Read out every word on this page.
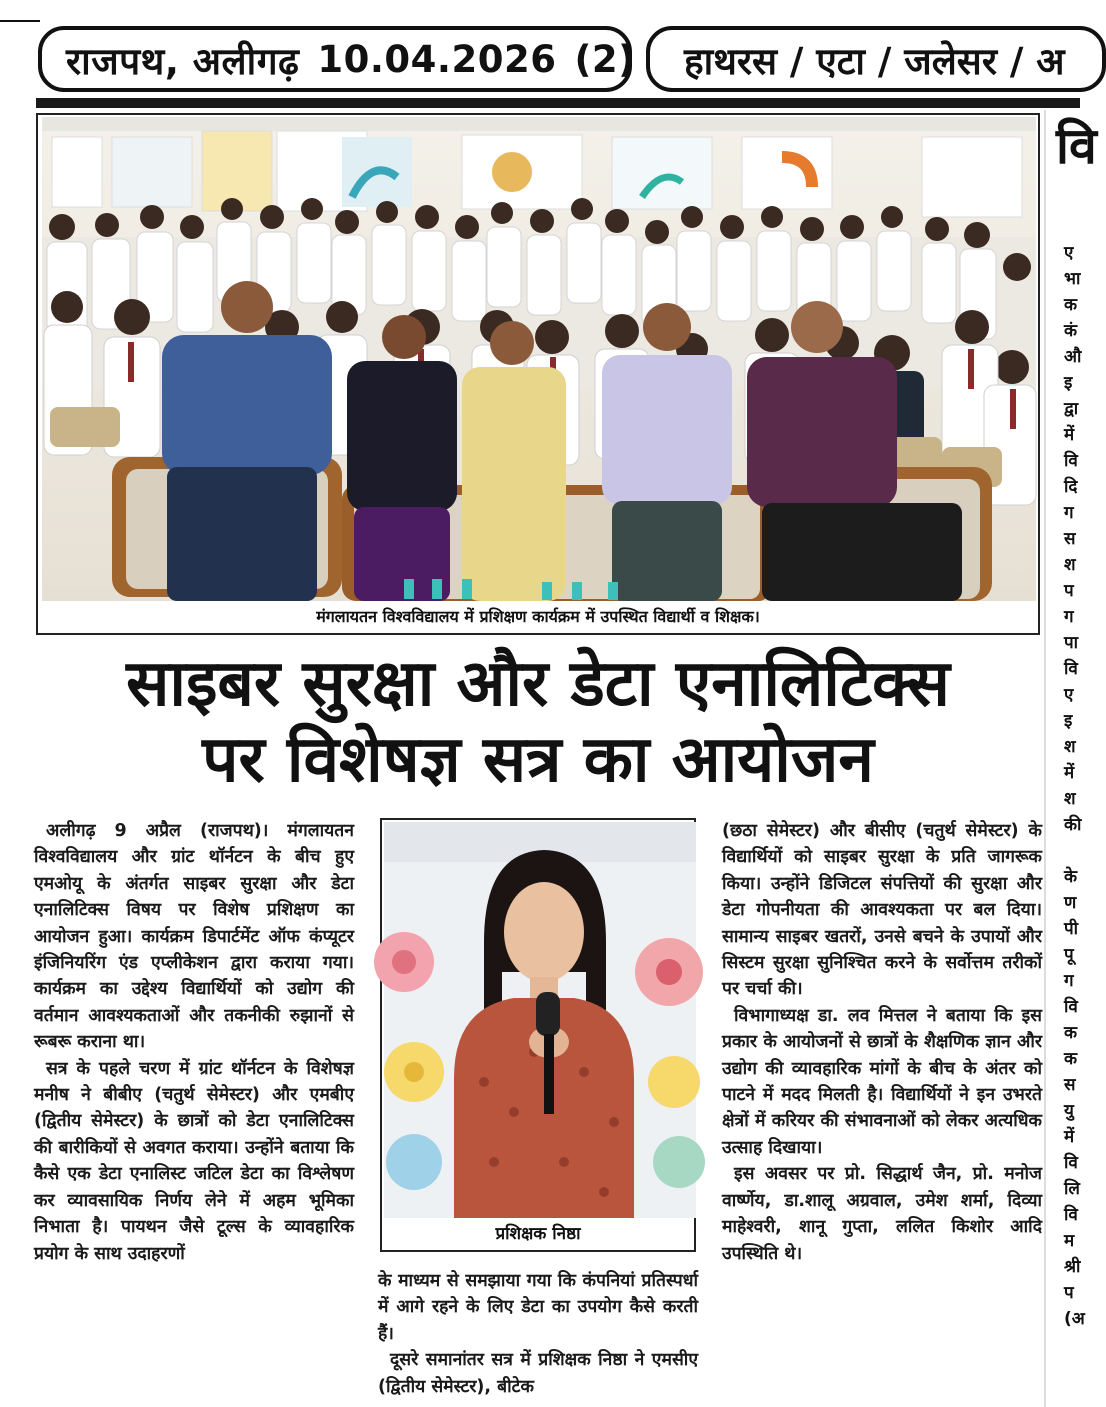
राजपथ, अलीगढ़ 10.04.2026 (2) हाथरस / एटा / जलेसर / अ
मंगलायतन विश्वविद्यालय में प्रशिक्षण कार्यक्रम में उपस्थित विद्यार्थी व शिक्षक।
साइबर सुरक्षा और डेटा एनालिटिक्स
पर विशेषज्ञ सत्र का आयोजन

अलीगढ़ 9 अप्रैल (राजपथ)। मंगलायतन विश्वविद्यालय और ग्रांट थॉर्नटन के बीच हुए एमओयू के अंतर्गत साइबर सुरक्षा और डेटा एनालिटिक्स विषय पर विशेष प्रशिक्षण का आयोजन हुआ। कार्यक्रम डिपार्टमेंट ऑफ कंप्यूटर इंजिनियरिंग एंड एप्लीकेशन द्वारा कराया गया। कार्यक्रम का उद्देश्य विद्यार्थियों को उद्योग की वर्तमान आवश्यकताओं और तकनीकी रुझानों से रूबरू कराना था।

सत्र के पहले चरण में ग्रांट थॉर्नटन के विशेषज्ञ मनीष ने बीबीए (चतुर्थ सेमेस्टर) और एमबीए (द्वितीय सेमेस्टर) के छात्रों को डेटा एनालिटिक्स की बारीकियों से अवगत कराया। उन्होंने बताया कि कैसे एक डेटा एनालिस्ट जटिल डेटा का विश्लेषण कर व्यावसायिक निर्णय लेने में अहम भूमिका निभाता है। पायथन जैसे टूल्स के व्यावहारिक प्रयोग के साथ उदाहरणों

प्रशिक्षक निष्ठा

के माध्यम से समझाया गया कि कंपनियां प्रतिस्पर्धा में आगे रहने के लिए डेटा का उपयोग कैसे करती हैं।

दूसरे समानांतर सत्र में प्रशिक्षक निष्ठा ने एमसीए (द्वितीय सेमेस्टर), बीटेक

(छठा सेमेस्टर) और बीसीए (चतुर्थ सेमेस्टर) के विद्यार्थियों को साइबर सुरक्षा के प्रति जागरूक किया। उन्होंने डिजिटल संपत्तियों की सुरक्षा और डेटा गोपनीयता की आवश्यकता पर बल दिया। सामान्य साइबर खतरों, उनसे बचने के उपायों और सिस्टम सुरक्षा सुनिश्चित करने के सर्वोत्तम तरीकों पर चर्चा की।

विभागाध्यक्ष डा. लव मित्तल ने बताया कि इस प्रकार के आयोजनों से छात्रों के शैक्षणिक ज्ञान और उद्योग की व्यावहारिक मांगों के बीच के अंतर को पाटने में मदद मिलती है। विद्यार्थियों ने इन उभरते क्षेत्रों में करियर की संभावनाओं को लेकर अत्यधिक उत्साह दिखाया।

इस अवसर पर प्रो. सिद्धार्थ जैन, प्रो. मनोज वार्ष्णेय, डा.शालू अग्रवाल, उमेश शर्मा, दिव्या माहेश्वरी, शानू गुप्ता, ललित किशोर आदि उपस्थिति थे।

वि
ए
भा
क
कं
औ
इ
द्वा
में
वि
दि
ग
स
श
प
ग
पा
वि
ए
इ
श
में
श
की

के
ण
पी
पू
ग
वि
क
क
स
यु
में
वि
लि
वि
म
श्री
प
(अ
